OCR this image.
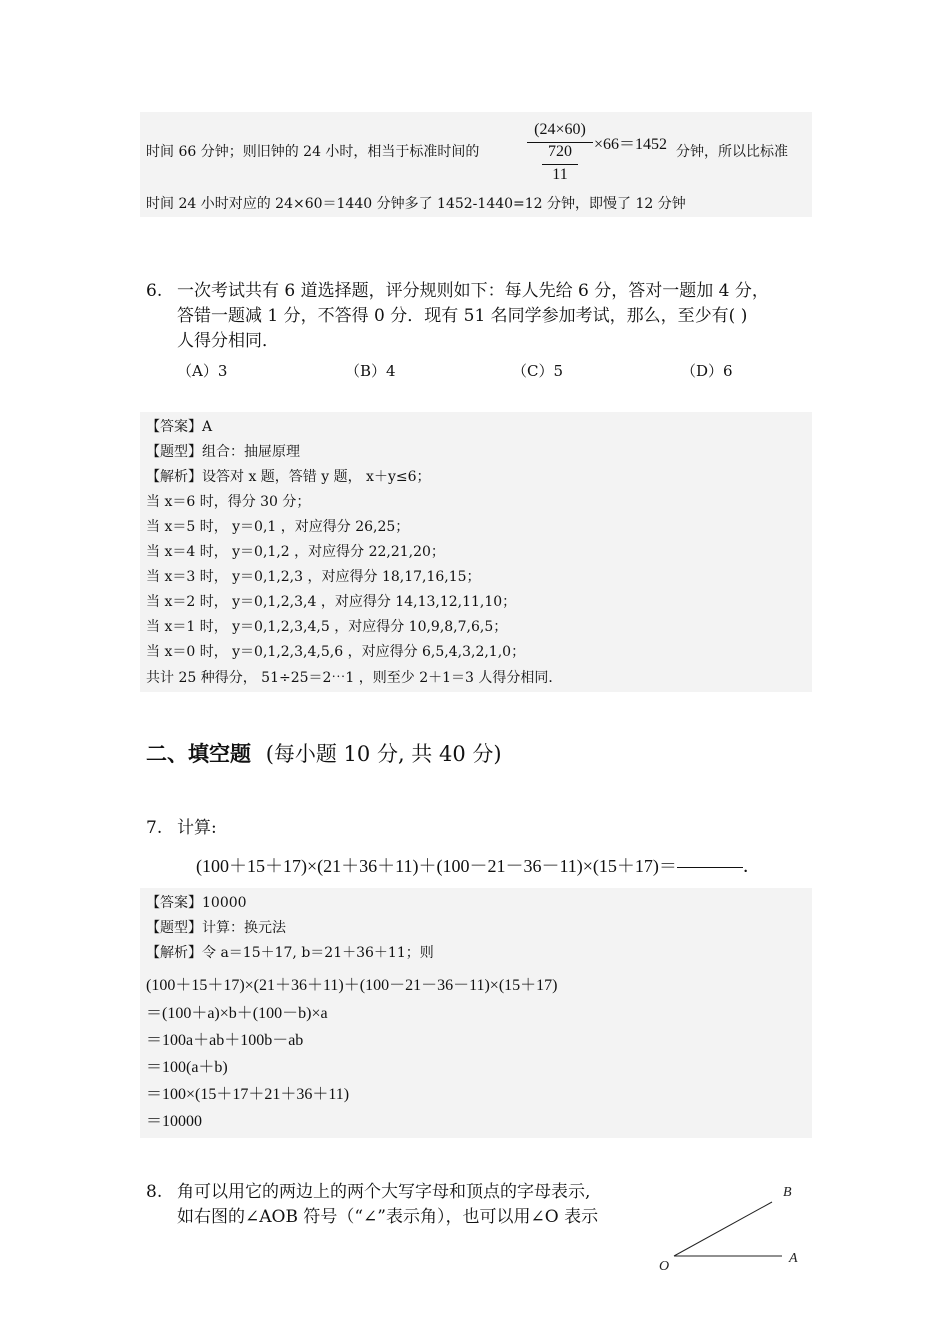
时间 66 分钟；则旧钟的 24 小时，相当于标准时间的
(24×60)
720
11
×66＝1452 分钟，所以比标准
时间 24 小时对应的 24×60＝1440 分钟多了 1452-1440=12 分钟，即慢了 12 分钟
6. 一次考试共有 6 道选择题，评分规则如下：每人先给 6 分，答对一题加 4 分，
答错一题减 1 分，不答得 0 分．现有 51 名同学参加考试，那么，至少有( )
人得分相同．
（A）3	（B）4	（C）5	（D）6
【答案】A
【题型】组合：抽屉原理
【解析】设答对 x 题，答错 y 题， x＋y≤6；
当 x＝6 时，得分 30 分；
当 x＝5 时， y＝0,1 ，对应得分 26,25；
当 x＝4 时， y＝0,1,2 ，对应得分 22,21,20；
当 x＝3 时， y＝0,1,2,3 ，对应得分 18,17,16,15；
当 x＝2 时， y＝0,1,2,3,4 ，对应得分 14,13,12,11,10；
当 x＝1 时， y＝0,1,2,3,4,5 ，对应得分 10,9,8,7,6,5；
当 x＝0 时， y＝0,1,2,3,4,5,6 ，对应得分 6,5,4,3,2,1,0；
共计 25 种得分， 51÷25＝2⋯1 ，则至少 2＋1＝3 人得分相同．
二、填空题 (每小题 10 分, 共 40 分)
7. 计算:
(100＋15＋17)×(21＋36＋11)＋(100－21－36－11)×(15＋17)＝	．
【答案】10000
【题型】计算：换元法
【解析】令 a＝15＋17, b＝21＋36＋11；则
(100＋15＋17)×(21＋36＋11)＋(100－21－36－11)×(15＋17)
＝(100＋a)×b＋(100－b)×a
＝100a＋ab＋100b－ab
＝100(a＋b)
＝100×(15＋17＋21＋36＋11)
＝10000
8. 角可以用它的两边上的两个大写字母和顶点的字母表示,
如右图的∠AOB 符号（“∠”表示角），也可以用∠O 表示
B
A
O
